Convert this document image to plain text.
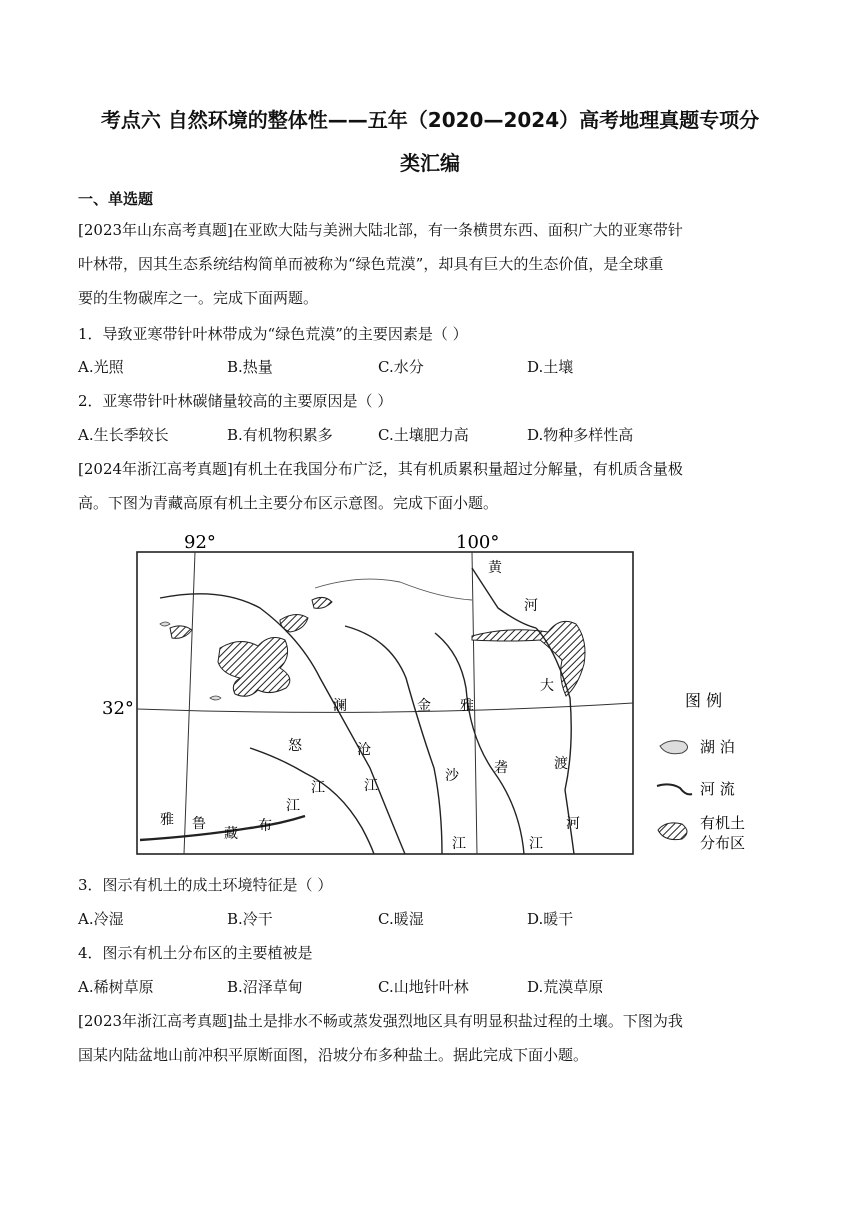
考点六 自然环境的整体性——五年（2020—2024）高考地理真题专项分
类汇编
一、单选题
[2023年山东高考真题]在亚欧大陆与美洲大陆北部，有一条横贯东西、面积广大的亚寒带针
叶林带，因其生态系统结构简单而被称为“绿色荒漠”，却具有巨大的生态价值，是全球重
要的生物碳库之一。完成下面两题。
1．导致亚寒带针叶林带成为“绿色荒漠”的主要因素是（ ）
A.光照	B.热量	C.水分	D.土壤
2．亚寒带针叶林碳储量较高的主要原因是（ ）
A.生长季较长	B.有机物积累多	C.土壤肥力高	D.物种多样性高
[2024年浙江高考真题]有机土在我国分布广泛，其有机质累积量超过分解量，有机质含量极
高。下图为青藏高原有机土主要分布区示意图。完成下面小题。
92°	100°
32°
黄
河
澜
沧
江
怒
江
金
沙
江
雅
砻
江
大
渡
河
雅 鲁
藏 布
江
图 例
湖 泊
河 流
有机土
分布区
3．图示有机土的成土环境特征是（ ）
A.冷湿	B.冷干	C.暖湿	D.暖干
4．图示有机土分布区的主要植被是
A.稀树草原	B.沼泽草甸	C.山地针叶林	D.荒漠草原
[2023年浙江高考真题]盐土是排水不畅或蒸发强烈地区具有明显积盐过程的土壤。下图为我
国某内陆盆地山前冲积平原断面图，沿坡分布多种盐土。据此完成下面小题。
